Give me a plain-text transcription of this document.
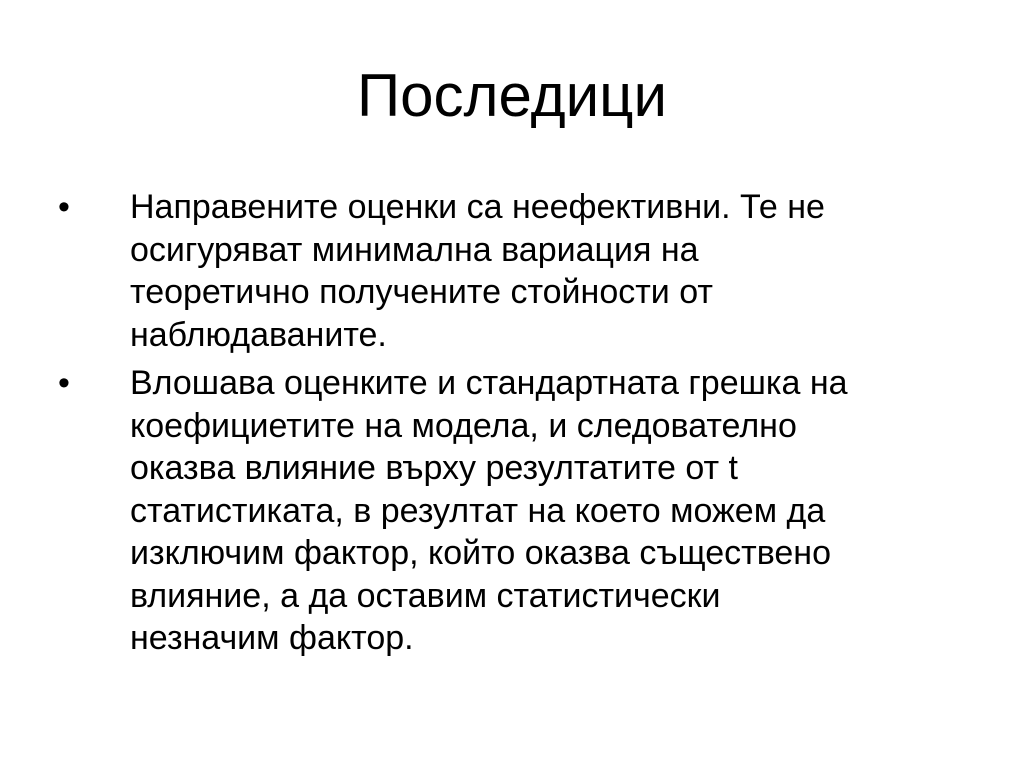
Последици
•	Направените оценки са неефективни. Те не
осигуряват минимална вариация на
теоретично получените стойности от
наблюдаваните.
•	Влошава оценките и стандартната грешка на
коефициетите на модела, и следователно
оказва влияние върху резултатите от t
статистиката, в резултат на което можем да
изключим фактор, който оказва съществено
влияние, а да оставим статистически
незначим фактор.
